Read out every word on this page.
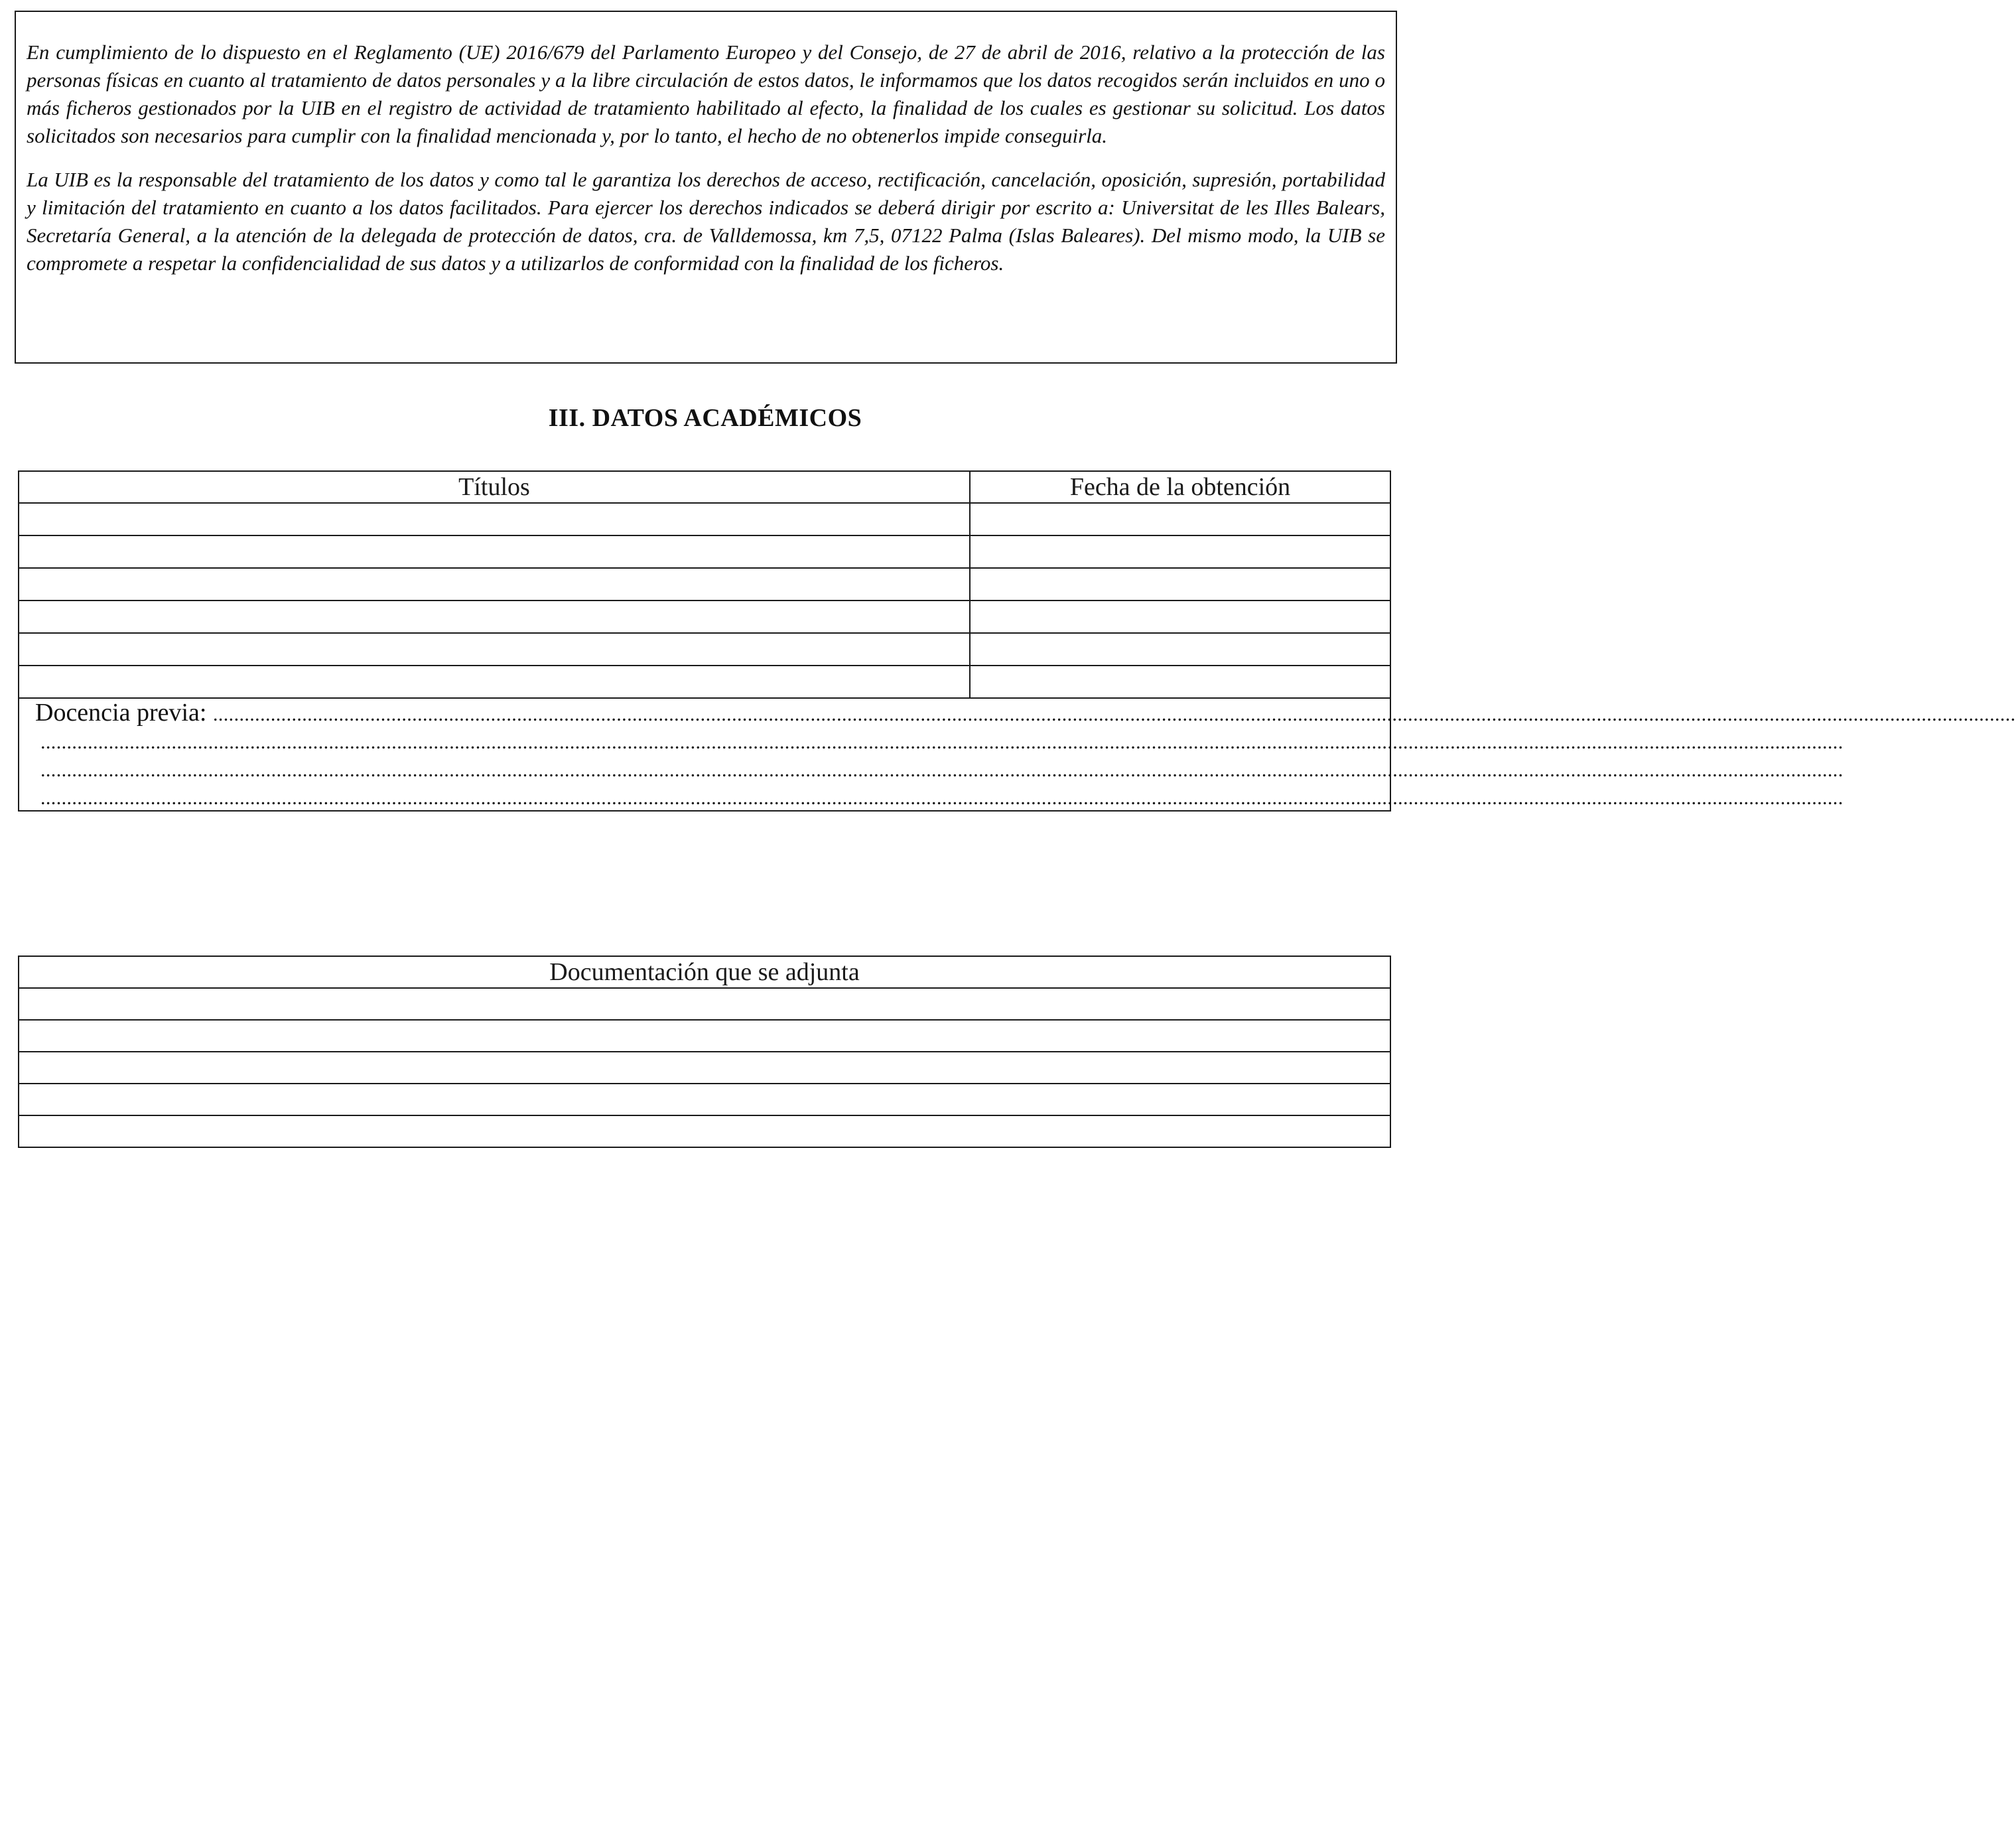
En cumplimiento de lo dispuesto en el Reglamento (UE) 2016/679 del Parlamento Europeo y del Consejo, de 27 de abril de 2016, relativo a la protección de las personas físicas en cuanto al tratamiento de datos personales y a la libre circulación de estos datos, le informamos que los datos recogidos serán incluidos en uno o más ficheros gestionados por la UIB en el registro de actividad de tratamiento habilitado al efecto, la finalidad de los cuales es gestionar su solicitud. Los datos solicitados son necesarios para cumplir con la finalidad mencionada y, por lo tanto, el hecho de no obtenerlos impide conseguirla.

La UIB es la responsable del tratamiento de los datos y como tal le garantiza los derechos de acceso, rectificación, cancelación, oposición, supresión, portabilidad y limitación del tratamiento en cuanto a los datos facilitados. Para ejercer los derechos indicados se deberá dirigir por escrito a: Universitat de les Illes Balears, Secretaría General, a la atención de la delegada de protección de datos, cra. de Valldemossa, km 7,5, 07122 Palma (Islas Baleares). Del mismo modo, la UIB se compromete a respetar la confidencialidad de sus datos y a utilizarlos de conformidad con la finalidad de los ficheros.

III. DATOS ACADÉMICOS
Títulos	Fecha de la obtención

Docencia previa: ........................................................................................................................................................................................................................................................................................................................................................
........................................................................................................................................................................................................................................................................................................................................................
........................................................................................................................................................................................................................................................................................................................................................
........................................................................................................................................................................................................................................................................................................................................................	
Documentación que se adjunta
